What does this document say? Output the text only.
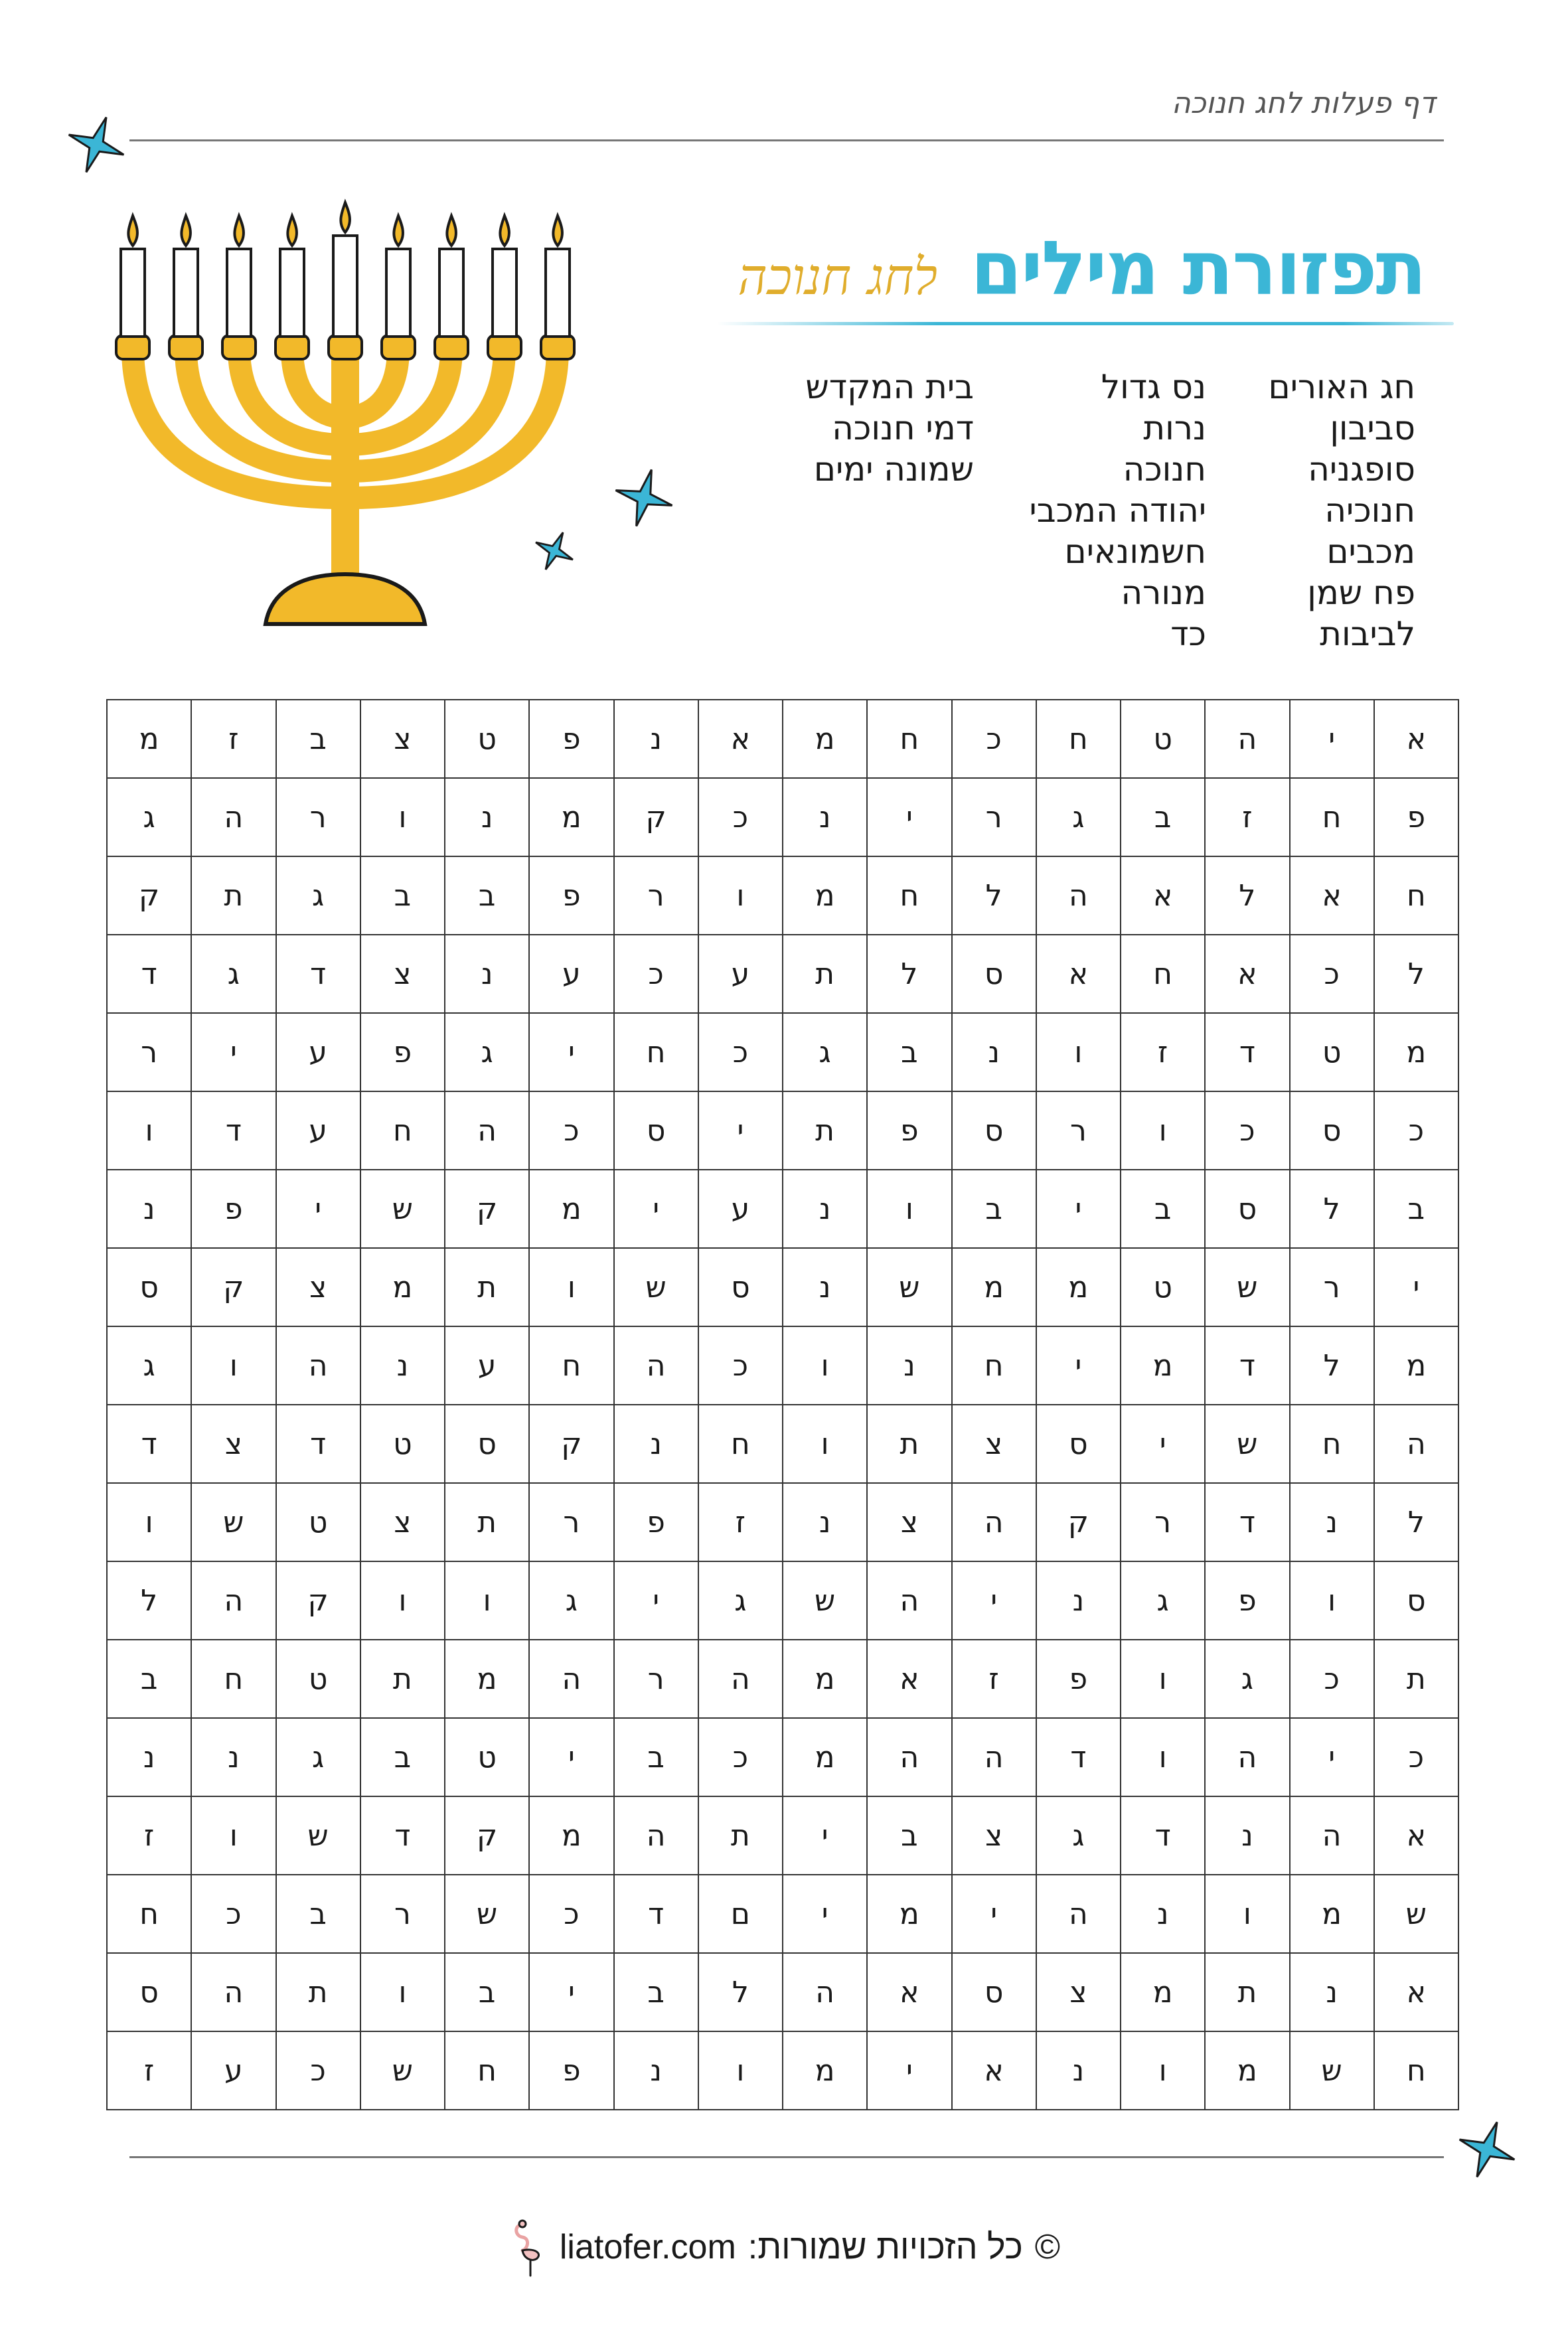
דף פעלות לחג חנוכה
תפזורת מילים
לחג חנוכה
חג האורים
סביבון
סופגניה
חנוכיה
מכבים
פח שמן
לביבות
נס גדול
נרות
חנוכה
יהודה המכבי
חשמונאים
מנורה
כד
בית המקדש
דמי חנוכה
שמונה ימים
א	י	ה	ט	ח	כ	ח	מ	א	נ	פ	ט	צ	ב	ז	מ
פ	ח	ז	ב	ג	ר	י	נ	כ	ק	מ	נ	ו	ר	ה	ג
ח	א	ל	א	ה	ל	ח	מ	ו	ר	פ	ב	ב	ג	ת	ק
ל	כ	א	ח	א	ס	ל	ת	ע	כ	ע	נ	צ	ד	ג	ד
מ	ט	ד	ז	ו	נ	ב	ג	כ	ח	י	ג	פ	ע	י	ר
כ	ס	כ	ו	ר	ס	פ	ת	י	ס	כ	ה	ח	ע	ד	ו
ב	ל	ס	ב	י	ב	ו	נ	ע	י	מ	ק	ש	י	פ	נ
י	ר	ש	ט	מ	מ	ש	נ	ס	ש	ו	ת	מ	צ	ק	ס
מ	ל	ד	מ	י	ח	נ	ו	כ	ה	ח	ע	נ	ה	ו	ג
ה	ח	ש	י	ס	צ	ת	ו	ח	נ	ק	ס	ט	ד	צ	ד
ל	נ	ד	ר	ק	ה	צ	נ	ז	פ	ר	ת	צ	ט	ש	ו
ס	ו	פ	ג	נ	י	ה	ש	ג	י	ג	ו	ו	ק	ה	ל
ת	כ	ג	ו	פ	ז	א	מ	ה	ר	ה	מ	ת	ט	ח	ב
כ	י	ה	ו	ד	ה	ה	מ	כ	ב	י	ט	ב	ג	נ	נ
א	ה	נ	ד	ג	צ	ב	י	ת	ה	מ	ק	ד	ש	ו	ז
ש	מ	ו	נ	ה	י	מ	י	ם	ד	כ	ש	ר	ב	כ	ח
א	נ	ת	מ	צ	ס	א	ה	ל	ב	י	ב	ו	ת	ה	ס
ח	ש	מ	ו	נ	א	י	מ	ו	נ	פ	ח	ש	כ	ע	ז
liatofer.com כל הזכויות שמורות: ©
